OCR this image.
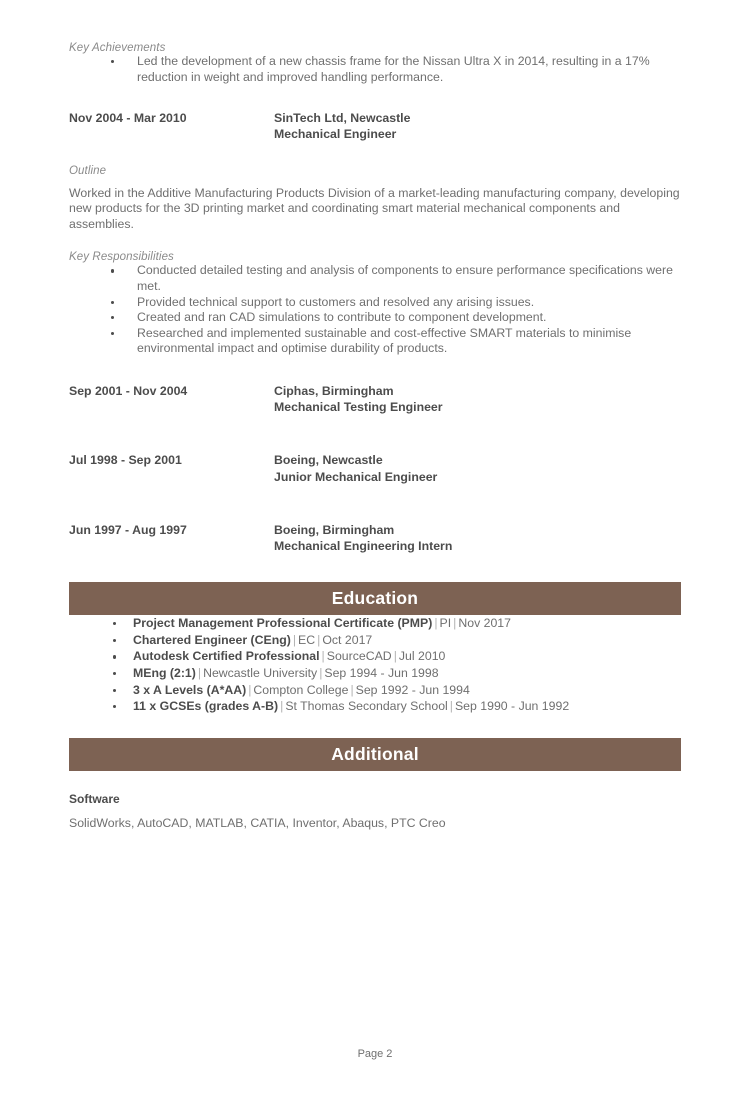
Key Achievements
Led the development of a new chassis frame for the Nissan Ultra X in 2014, resulting in a 17% reduction in weight and improved handling performance.
Nov 2004 - Mar 2010	SinTech Ltd, Newcastle
Mechanical Engineer
Outline
Worked in the Additive Manufacturing Products Division of a market-leading manufacturing company, developing new products for the 3D printing market and coordinating smart material mechanical components and assemblies.
Key Responsibilities
Conducted detailed testing and analysis of components to ensure performance specifications were met.
Provided technical support to customers and resolved any arising issues.
Created and ran CAD simulations to contribute to component development.
Researched and implemented sustainable and cost-effective SMART materials to minimise environmental impact and optimise durability of products.
Sep 2001 - Nov 2004	Ciphas, Birmingham
Mechanical Testing Engineer
Jul 1998 - Sep 2001	Boeing, Newcastle
Junior Mechanical Engineer
Jun 1997 - Aug 1997	Boeing, Birmingham
Mechanical Engineering Intern
Education
Project Management Professional Certificate (PMP) | PI | Nov 2017
Chartered Engineer (CEng) | EC | Oct 2017
Autodesk Certified Professional | SourceCAD | Jul 2010
MEng (2:1) | Newcastle University | Sep 1994 - Jun 1998
3 x A Levels (A*AA) | Compton College | Sep 1992 - Jun 1994
11 x GCSEs (grades A-B) | St Thomas Secondary School | Sep 1990 - Jun 1992
Additional
Software
SolidWorks, AutoCAD, MATLAB, CATIA, Inventor, Abaqus, PTC Creo
Page 2
